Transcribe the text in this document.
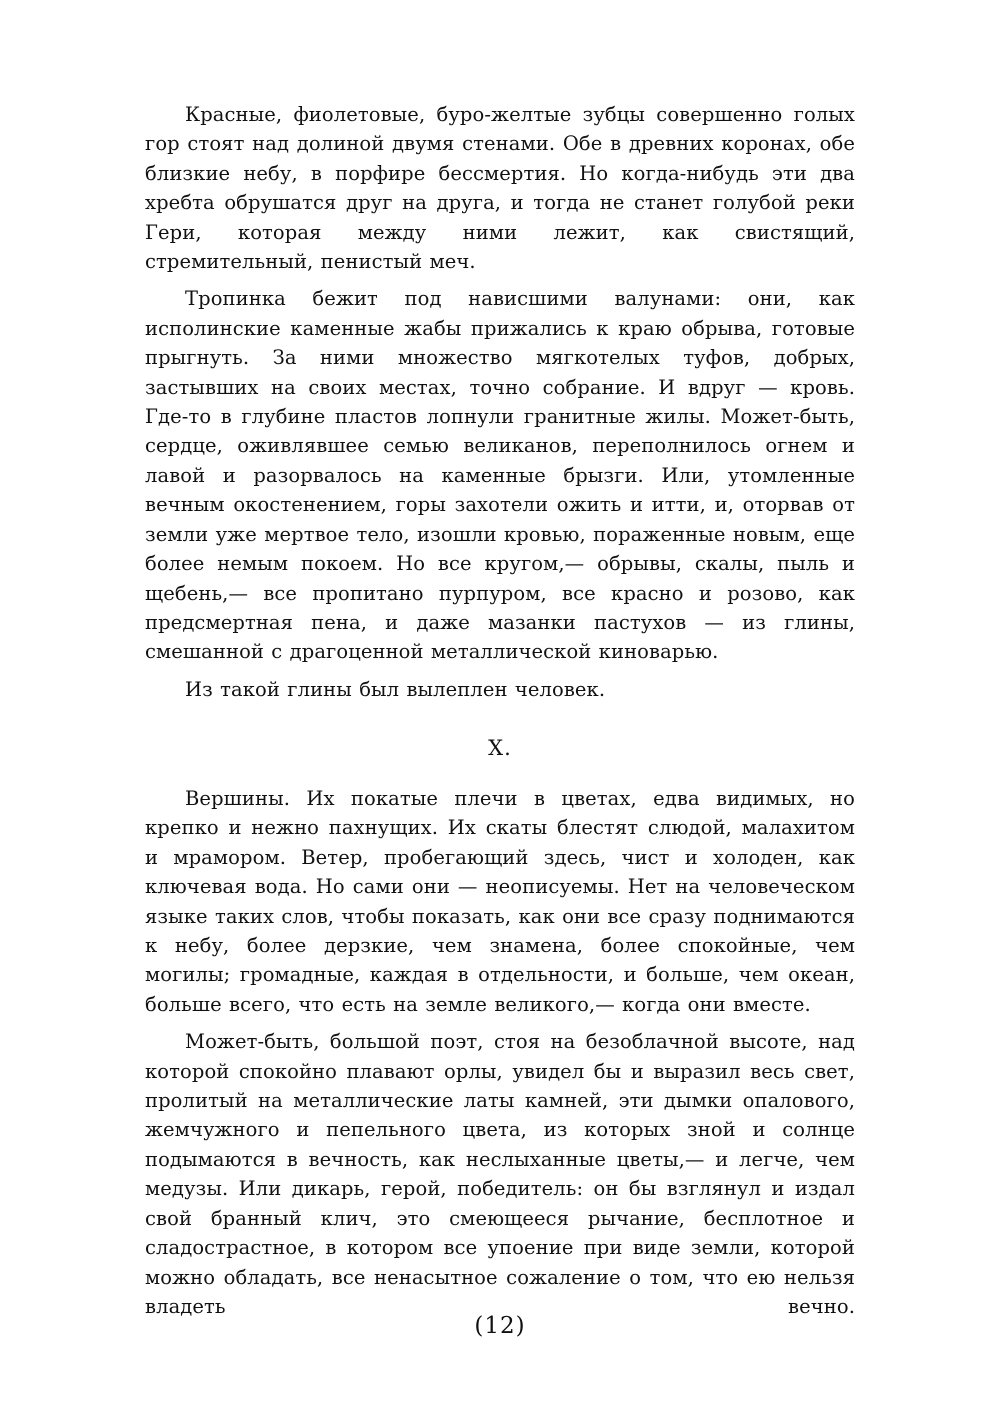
Красные, фиолетовые, буро-желтые зубцы совершенно голых гор стоят над долиной двумя стенами. Обе в древних коронах, обе близкие небу, в порфире бессмертия. Но когда-нибудь эти два хребта обрушатся друг на друга, и тогда не станет голубой реки Гери, которая между ними лежит, как свистящий, стремительный, пенистый меч.

Тропинка бежит под нависшими валунами: они, как исполинские каменные жабы прижались к краю обрыва, готовые прыгнуть. За ними множество мягкотелых туфов, добрых, застывших на своих местах, точно собрание. И вдруг — кровь. Где-то в глубине пластов лопнули гранитные жилы. Может-быть, сердце, оживлявшее семью великанов, переполнилось огнем и лавой и разорвалось на каменные брызги. Или, утомленные вечным окостенением, горы захотели ожить и итти, и, оторвав от земли уже мертвое тело, изошли кровью, пораженные новым, еще более немым покоем. Но все кругом,— обрывы, скалы, пыль и щебень,— все пропитано пурпуром, все красно и розово, как предсмертная пена, и даже мазанки пастухов — из глины, смешанной с драгоценной металлической киноварью.

Из такой глины был вылеплен человек.

X.

Вершины. Их покатые плечи в цветах, едва видимых, но крепко и нежно пахнущих. Их скаты блестят слюдой, малахитом и мрамором. Ветер, пробегающий здесь, чист и холоден, как ключевая вода. Но сами они — неописуемы. Нет на человеческом языке таких слов, чтобы показать, как они все сразу поднимаются к небу, более дерзкие, чем знамена, более спокойные, чем могилы; громадные, каждая в отдельности, и больше, чем океан, больше всего, что есть на земле великого,— когда они вместе.

Может-быть, большой поэт, стоя на безоблачной высоте, над которой спокойно плавают орлы, увидел бы и выразил весь свет, пролитый на металлические латы камней, эти дымки опалового, жемчужного и пепельного цвета, из которых зной и солнце подымаются в вечность, как неслыханные цветы,— и легче, чем медузы. Или дикарь, герой, победитель: он бы взглянул и издал свой бранный клич, это смеющееся рычание, бесплотное и сладострастное, в котором все упоение при виде земли, которой можно обладать, все ненасытное сожаление о том, что ею нельзя владеть вечно.

(12)
